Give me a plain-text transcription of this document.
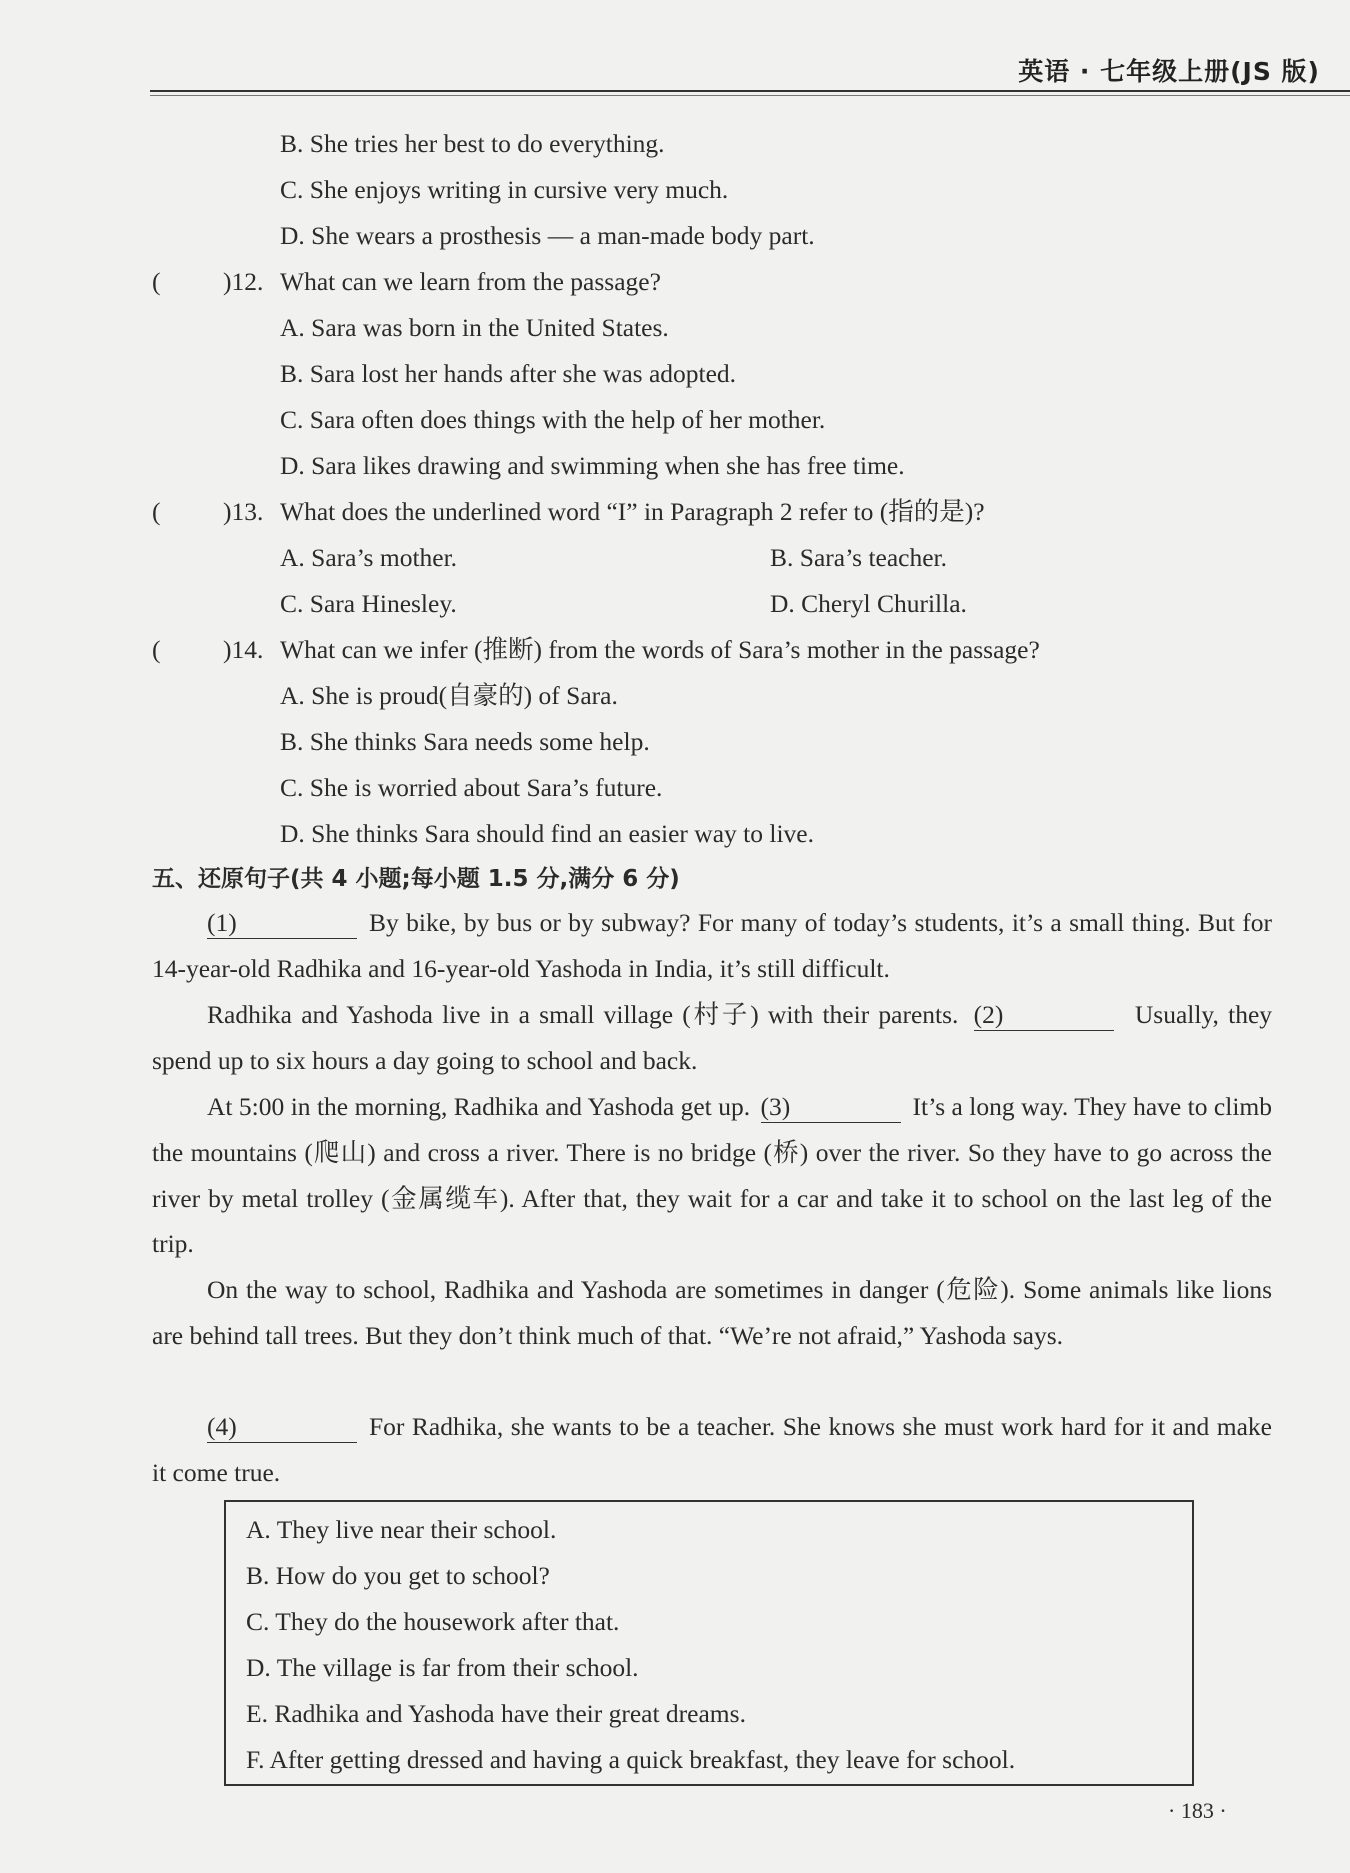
英语 · 七年级上册(JS 版)
B. She tries her best to do everything.
C. She enjoys writing in cursive very much.
D. She wears a prosthesis — a man-made body part.
( )12. What can we learn from the passage?
A. Sara was born in the United States.
B. Sara lost her hands after she was adopted.
C. Sara often does things with the help of her mother.
D. Sara likes drawing and swimming when she has free time.
( )13. What does the underlined word “I” in Paragraph 2 refer to (指的是)?
A. Sara’s mother.	B. Sara’s teacher.
C. Sara Hinesley.	D. Cheryl Churilla.
( )14. What can we infer (推断) from the words of Sara’s mother in the passage?
A. She is proud(自豪的) of Sara.
B. She thinks Sara needs some help.
C. She is worried about Sara’s future.
D. She thinks Sara should find an easier way to live.
五、还原句子(共 4 小题;每小题 1.5 分,满分 6 分)
(1)	By bike, by bus or by subway? For many of today’s students, it’s a small thing. But for 14-year-old Radhika and 16-year-old Yashoda in India, it’s still difficult.
Radhika and Yashoda live in a small village (村子) with their parents. (2)	Usually, they spend up to six hours a day going to school and back.
At 5:00 in the morning, Radhika and Yashoda get up. (3)	It’s a long way. They have to climb the mountains (爬山) and cross a river. There is no bridge (桥) over the river. So they have to go across the river by metal trolley (金属缆车). After that, they wait for a car and take it to school on the last leg of the trip.
On the way to school, Radhika and Yashoda are sometimes in danger (危险). Some animals like lions are behind tall trees. But they don’t think much of that. “We’re not afraid,” Yashoda says.
(4)	For Radhika, she wants to be a teacher. She knows she must work hard for it and make it come true.
A. They live near their school.
B. How do you get to school?
C. They do the housework after that.
D. The village is far from their school.
E. Radhika and Yashoda have their great dreams.
F. After getting dressed and having a quick breakfast, they leave for school.
· 183 ·
